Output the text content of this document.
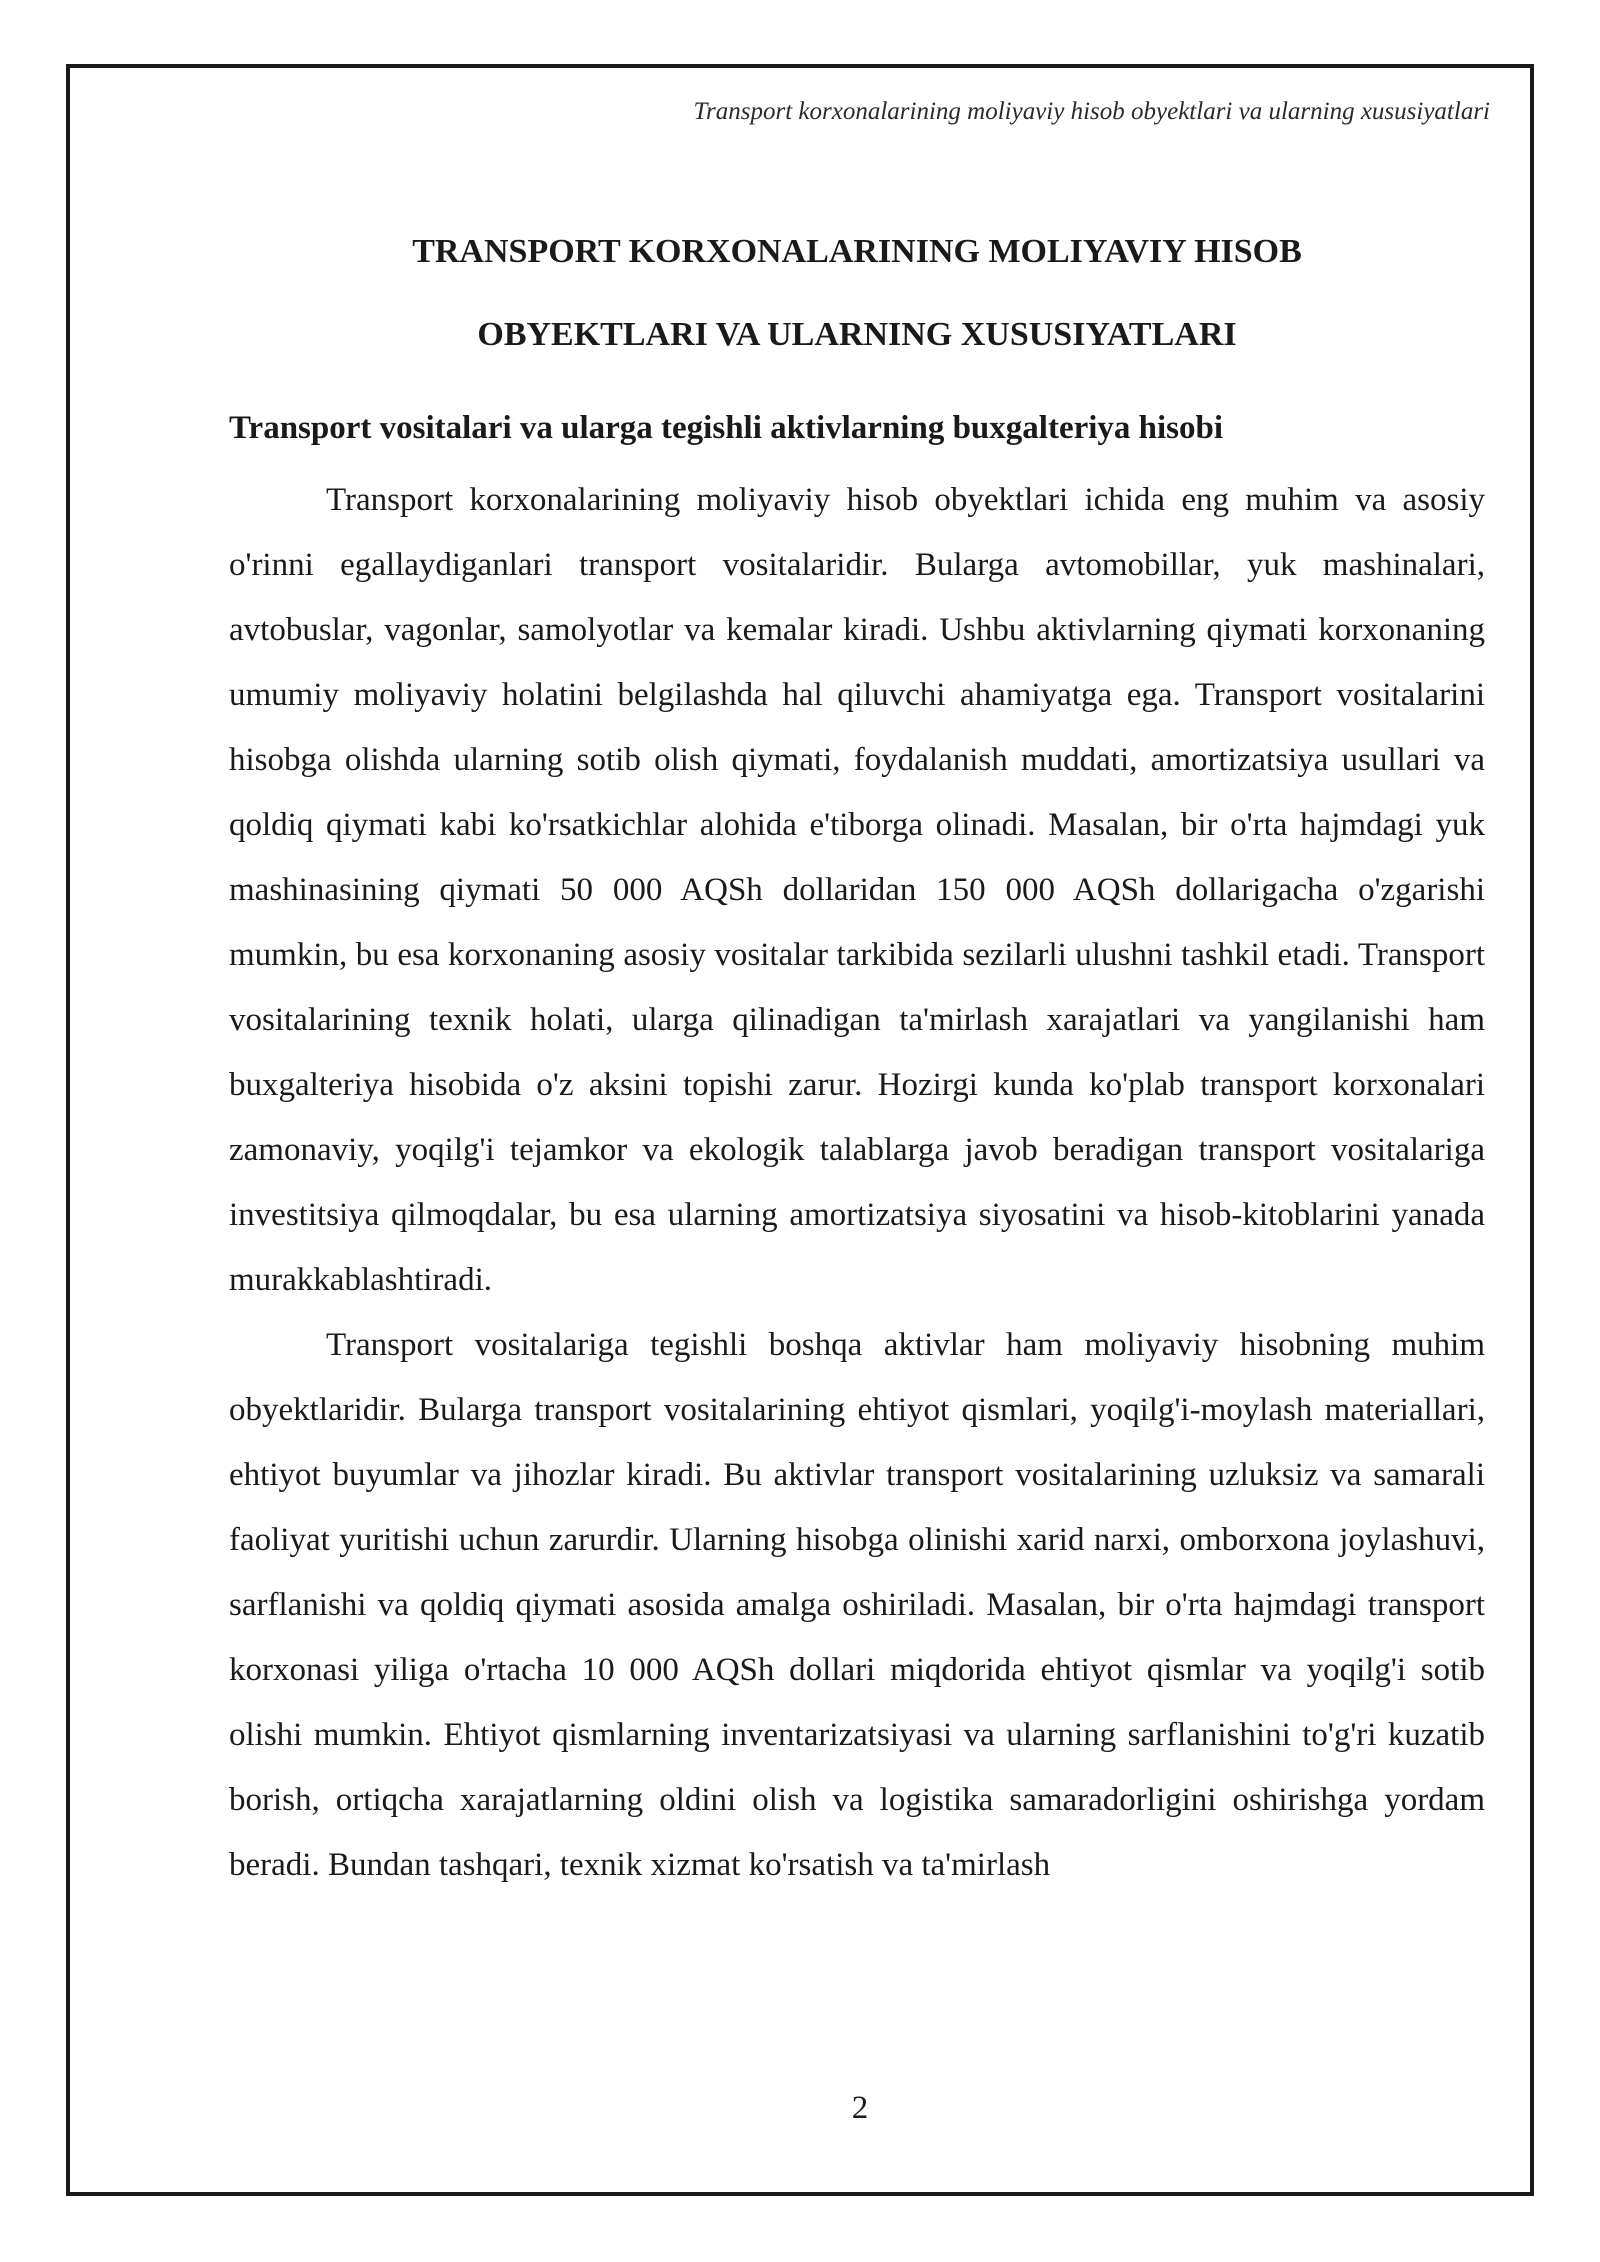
Transport korxonalarining moliyaviy hisob obyektlari va ularning xususiyatlari
TRANSPORT KORXONALARINING MOLIYAVIY HISOB
OBYEKTLARI VA ULARNING XUSUSIYATLARI
Transport vositalari va ularga tegishli aktivlarning buxgalteriya hisobi

Transport korxonalarining moliyaviy hisob obyektlari ichida eng muhim va asosiy o'rinni egallaydiganlari transport vositalaridir. Bularga avtomobillar, yuk mashinalari, avtobuslar, vagonlar, samolyotlar va kemalar kiradi. Ushbu aktivlarning qiymati korxonaning umumiy moliyaviy holatini belgilashda hal qiluvchi ahamiyatga ega. Transport vositalarini hisobga olishda ularning sotib olish qiymati, foydalanish muddati, amortizatsiya usullari va qoldiq qiymati kabi ko'rsatkichlar alohida e'tiborga olinadi. Masalan, bir o'rta hajmdagi yuk mashinasining qiymati 50 000 AQSh dollaridan 150 000 AQSh dollarigacha o'zgarishi mumkin, bu esa korxonaning asosiy vositalar tarkibida sezilarli ulushni tashkil etadi. Transport vositalarining texnik holati, ularga qilinadigan ta'mirlash xarajatlari va yangilanishi ham buxgalteriya hisobida o'z aksini topishi zarur. Hozirgi kunda ko'plab transport korxonalari zamonaviy, yoqilg'i tejamkor va ekologik talablarga javob beradigan transport vositalariga investitsiya qilmoqdalar, bu esa ularning amortizatsiya siyosatini va hisob-kitoblarini yanada murakkablashtiradi.

Transport vositalariga tegishli boshqa aktivlar ham moliyaviy hisobning muhim obyektlaridir. Bularga transport vositalarining ehtiyot qismlari, yoqilg'i-moylash materiallari, ehtiyot buyumlar va jihozlar kiradi. Bu aktivlar transport vositalarining uzluksiz va samarali faoliyat yuritishi uchun zarurdir. Ularning hisobga olinishi xarid narxi, omborxona joylashuvi, sarflanishi va qoldiq qiymati asosida amalga oshiriladi. Masalan, bir o'rta hajmdagi transport korxonasi yiliga o'rtacha 10 000 AQSh dollari miqdorida ehtiyot qismlar va yoqilg'i sotib olishi mumkin. Ehtiyot qismlarning inventarizatsiyasi va ularning sarflanishini to'g'ri kuzatib borish, ortiqcha xarajatlarning oldini olish va logistika samaradorligini oshirishga yordam beradi. Bundan tashqari, texnik xizmat ko'rsatish va ta'mirlash

2
